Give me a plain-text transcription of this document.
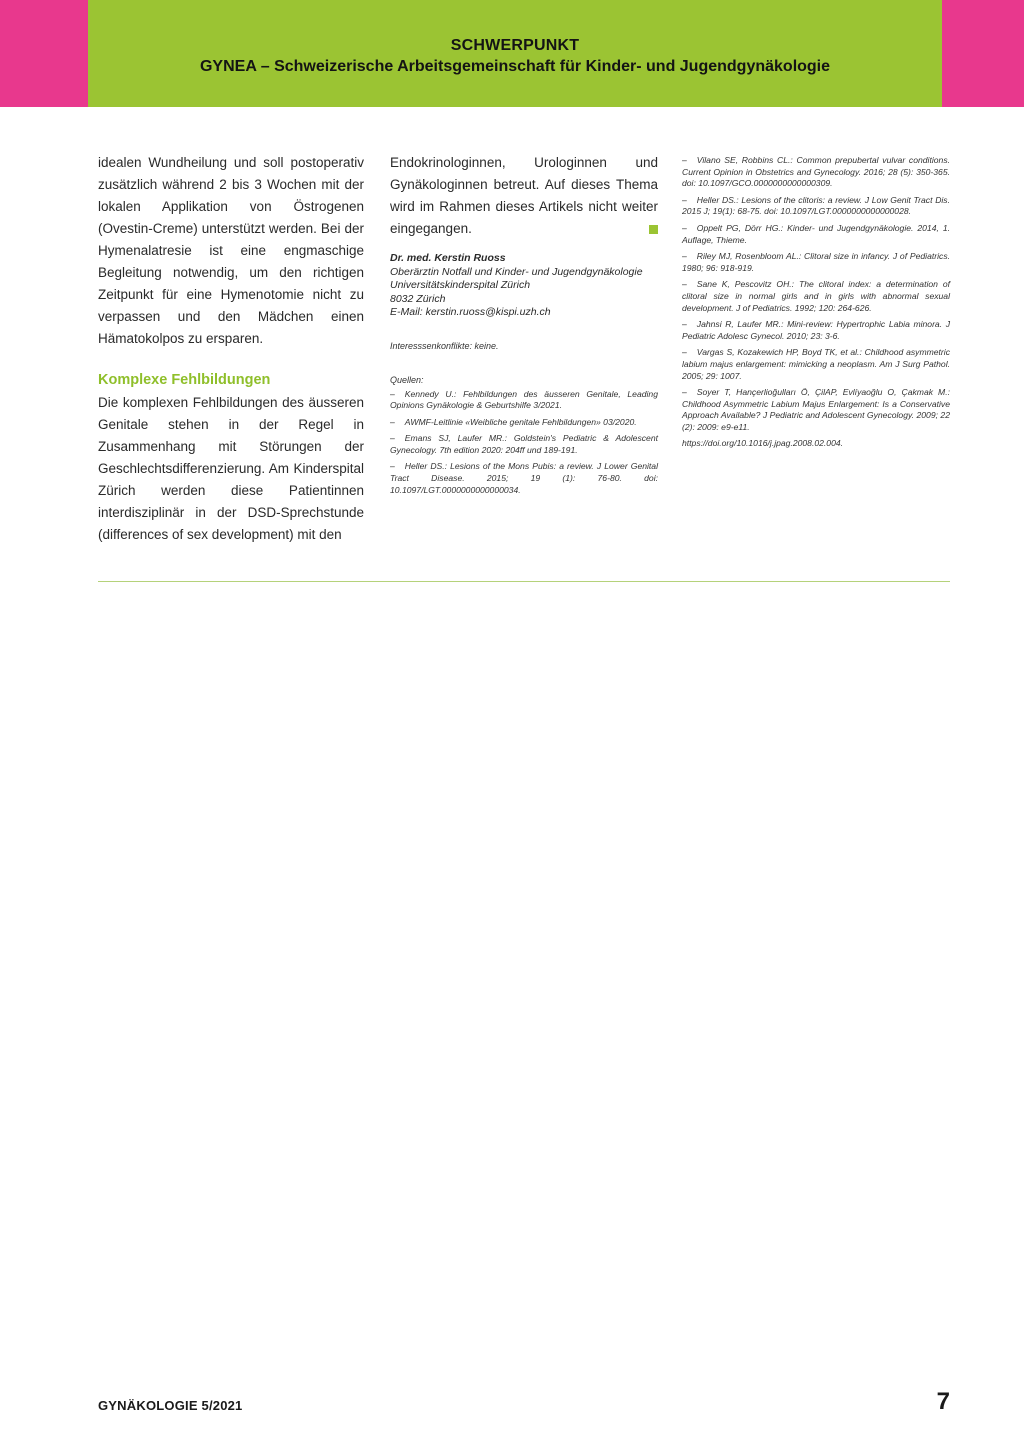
SCHWERPUNKT
GYNEA – Schweizerische Arbeitsgemeinschaft für Kinder- und Jugendgynäkologie

idealen Wundheilung und soll postoperativ zusätzlich während 2 bis 3 Wochen mit der lokalen Applikation von Östrogenen (Ovestin-Creme) unterstützt werden. Bei der Hymenalatresie ist eine engmaschige Begleitung notwendig, um den richtigen Zeitpunkt für eine Hymenotomie nicht zu verpassen und den Mädchen einen Hämatokolpos zu ersparen.

Komplexe Fehlbildungen

Die komplexen Fehlbildungen des äusseren Genitale stehen in der Regel in Zusammenhang mit Störungen der Geschlechtsdifferenzierung. Am Kinderspital Zürich werden diese Patientinnen interdisziplinär in der DSD-Sprechstunde (differences of sex development) mit den

Endokrinologinnen, Urologinnen und Gynäkologinnen betreut. Auf dieses Thema wird im Rahmen dieses Artikels nicht weiter eingegangen.

Dr. med. Kerstin Ruoss
Oberärztin Notfall und Kinder- und Jugendgynäkologie
Universitätskinderspital Zürich
8032 Zürich
E-Mail: kerstin.ruoss@kispi.uzh.ch
Interesssenkonflikte: keine.
Quellen:
– Kennedy U.: Fehlbildungen des äusseren Genitale, Leading Opinions Gynäkologie & Geburtshilfe 3/2021.
– AWMF-Leitlinie «Weibliche genitale Fehlbildungen» 03/2020.
– Emans SJ, Laufer MR.: Goldstein's Pediatric & Adolescent Gynecology. 7th edition 2020: 204ff und 189-191.
– Heller DS.: Lesions of the Mons Pubis: a review. J Lower Genital Tract Disease. 2015; 19 (1): 76-80. doi: 10.1097/LGT.0000000000000034.
– Vilano SE, Robbins CL.: Common prepubertal vulvar conditions. Current Opinion in Obstetrics and Gynecology. 2016; 28 (5): 350-365. doi: 10.1097/GCO.0000000000000309.
– Heller DS.: Lesions of the clitoris: a review. J Low Genit Tract Dis. 2015 J; 19(1): 68-75. doi: 10.1097/LGT.0000000000000028.
– Oppelt PG, Dörr HG.: Kinder- und Jugendgynäkologie. 2014, 1. Auflage, Thieme.
– Riley MJ, Rosenbloom AL.: Clitoral size in infancy. J of Pediatrics. 1980; 96: 918-919.
– Sane K, Pescovitz OH.: The clitoral index: a determination of clitoral size in normal girls and in girls with abnormal sexual development. J of Pediatrics. 1992; 120: 264-626.
– Jahnsi R, Laufer MR.: Mini-review: Hypertrophic Labia minora. J Pediatric Adolesc Gynecol. 2010; 23: 3-6.
– Vargas S, Kozakewich HP, Boyd TK, et al.: Childhood asymmetric labium majus enlargement: mimicking a neoplasm. Am J Surg Pathol. 2005; 29: 1007.
– Soyer T, Hançerlioğulları Ö, ÇilAP, Evlíyaoğlu O, Çakmak M.: Childhood Asymmetric Labium Majus Enlargement: Is a Conservative Approach Available? J Pediatric and Adolescent Gynecology. 2009; 22 (2): 2009: e9-e11.
https://doi.org/10.1016/j.jpag.2008.02.004.
GYNÄKOLOGIE 5/2021	7
